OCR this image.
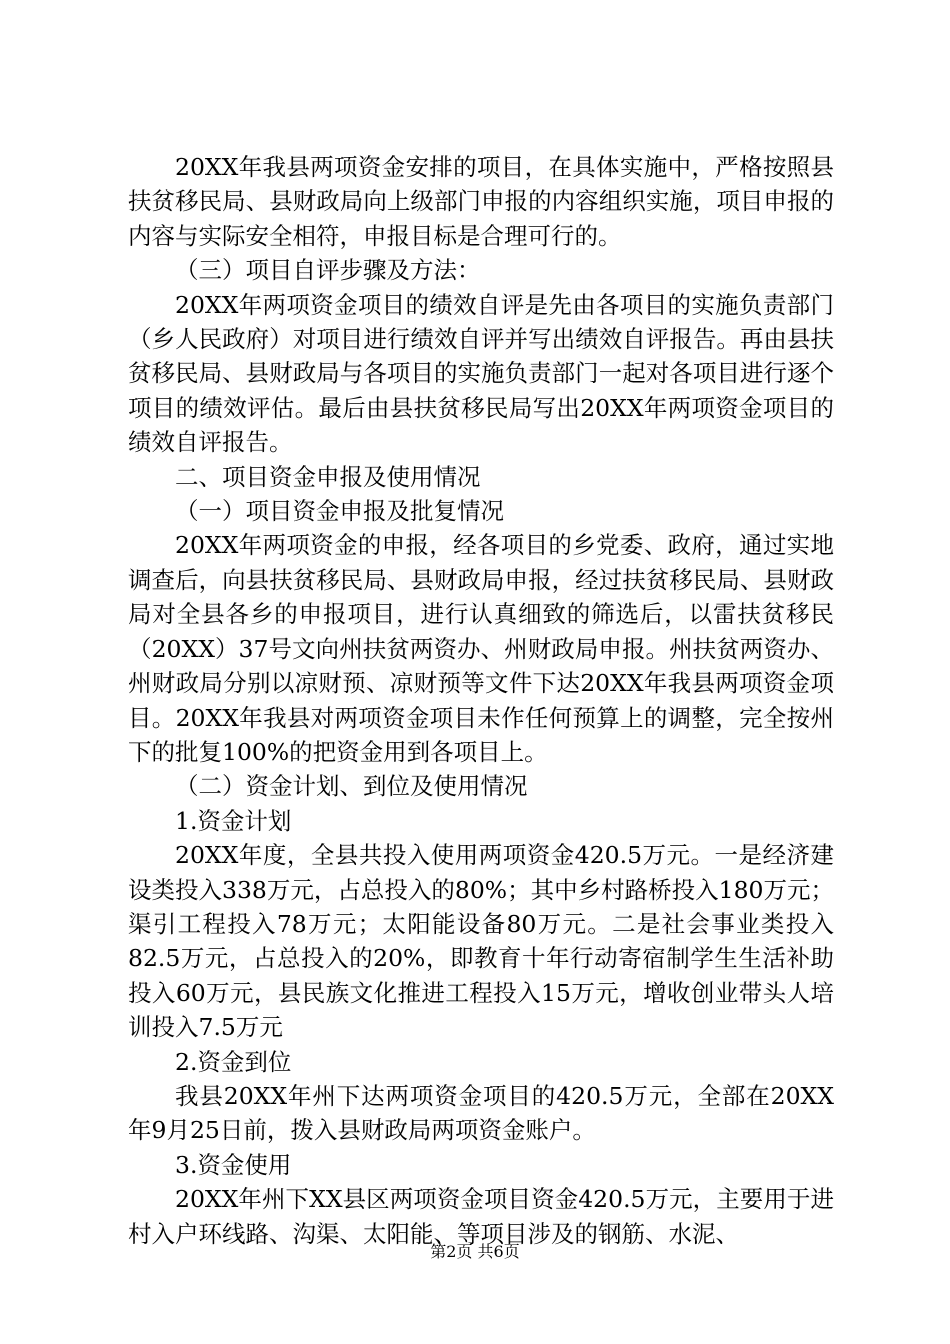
20XX年我县两项资金安排的项目，在具体实施中，严格按照县扶贫移民局、县财政局向上级部门申报的内容组织实施，项目申报的内容与实际安全相符，申报目标是合理可行的。

（三）项目自评步骤及方法：

20XX年两项资金项目的绩效自评是先由各项目的实施负责部门（乡人民政府）对项目进行绩效自评并写出绩效自评报告。再由县扶贫移民局、县财政局与各项目的实施负责部门一起对各项目进行逐个项目的绩效评估。最后由县扶贫移民局写出20XX年两项资金项目的绩效自评报告。

二、项目资金申报及使用情况

（一）项目资金申报及批复情况

20XX年两项资金的申报，经各项目的乡党委、政府，通过实地调查后，向县扶贫移民局、县财政局申报，经过扶贫移民局、县财政局对全县各乡的申报项目，进行认真细致的筛选后，以雷扶贫移民（20XX）37号文向州扶贫两资办、州财政局申报。州扶贫两资办、州财政局分别以凉财预、凉财预等文件下达20XX年我县两项资金项目。20XX年我县对两项资金项目未作任何预算上的调整，完全按州下的批复100%的把资金用到各项目上。

（二）资金计划、到位及使用情况

1.资金计划

20XX年度，全县共投入使用两项资金420.5万元。一是经济建设类投入338万元，占总投入的80%；其中乡村路桥投入180万元；渠引工程投入78万元；太阳能设备80万元。二是社会事业类投入82.5万元，占总投入的20%，即教育十年行动寄宿制学生生活补助投入60万元，县民族文化推进工程投入15万元，增收创业带头人培训投入7.5万元

2.资金到位

我县20XX年州下达两项资金项目的420.5万元，全部在20XX年9月25日前，拨入县财政局两项资金账户。

3.资金使用

20XX年州下XX县区两项资金项目资金420.5万元，主要用于进村入户环线路、沟渠、太阳能、等项目涉及的钢筋、水泥、

第2页 共6页
